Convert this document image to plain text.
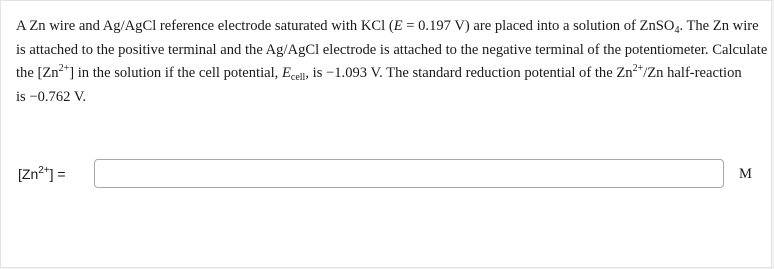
A Zn wire and Ag/AgCl reference electrode saturated with KCl (E = 0.197 V) are placed into a solution of ZnSO$_4$. The Zn wire
is attached to the positive terminal and the Ag/AgCl electrode is attached to the negative terminal of the potentiometer. Calculate
the $[Zn^{2+}]$ in the solution if the cell potential, $E_{cell}$, is −1.093 V. The standard reduction potential of the $Zn^{2+}/Zn$ half-reaction
is −0.762 V.

$[Zn^{2+}]$ =	M
